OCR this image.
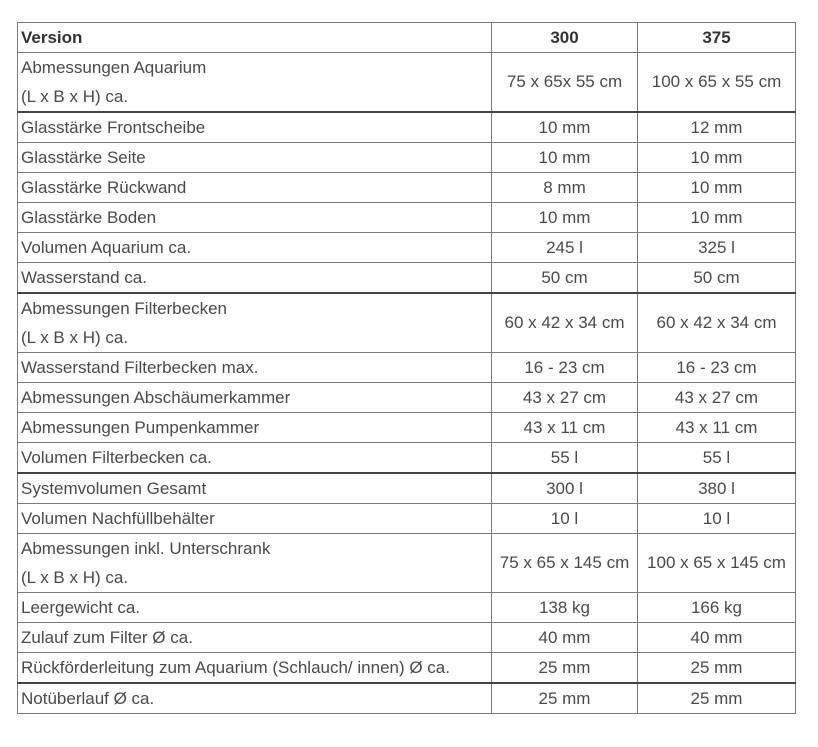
Version	300	375

Abmessungen Aquarium
(L x B x H) ca.	75 x 65x 55 cm	100 x 65 x 55 cm

Glasstärke Frontscheibe	10 mm	12 mm

Glasstärke Seite	10 mm	10 mm

Glasstärke Rückwand	8 mm	10 mm

Glasstärke Boden	10 mm	10 mm

Volumen Aquarium ca.	245 l	325 l

Wasserstand ca.	50 cm	50 cm

Abmessungen Filterbecken
(L x B x H) ca.	60 x 42 x 34 cm	60 x 42 x 34 cm

Wasserstand Filterbecken max.	16 - 23 cm	16 - 23 cm

Abmessungen Abschäumerkammer	43 x 27 cm	43 x 27 cm

Abmessungen Pumpenkammer	43 x 11 cm	43 x 11 cm

Volumen Filterbecken ca.	55 l	55 l

Systemvolumen Gesamt	300 l	380 l

Volumen Nachfüllbehälter	10 l	10 l

Abmessungen inkl. Unterschrank
(L x B x H) ca.	75 x 65 x 145 cm	100 x 65 x 145 cm

Leergewicht ca.	138 kg	166 kg

Zulauf zum Filter Ø ca.	40 mm	40 mm

Rückförderleitung zum Aquarium (Schlauch/ innen) Ø ca.	25 mm	25 mm

Notüberlauf Ø ca.	25 mm	25 mm
